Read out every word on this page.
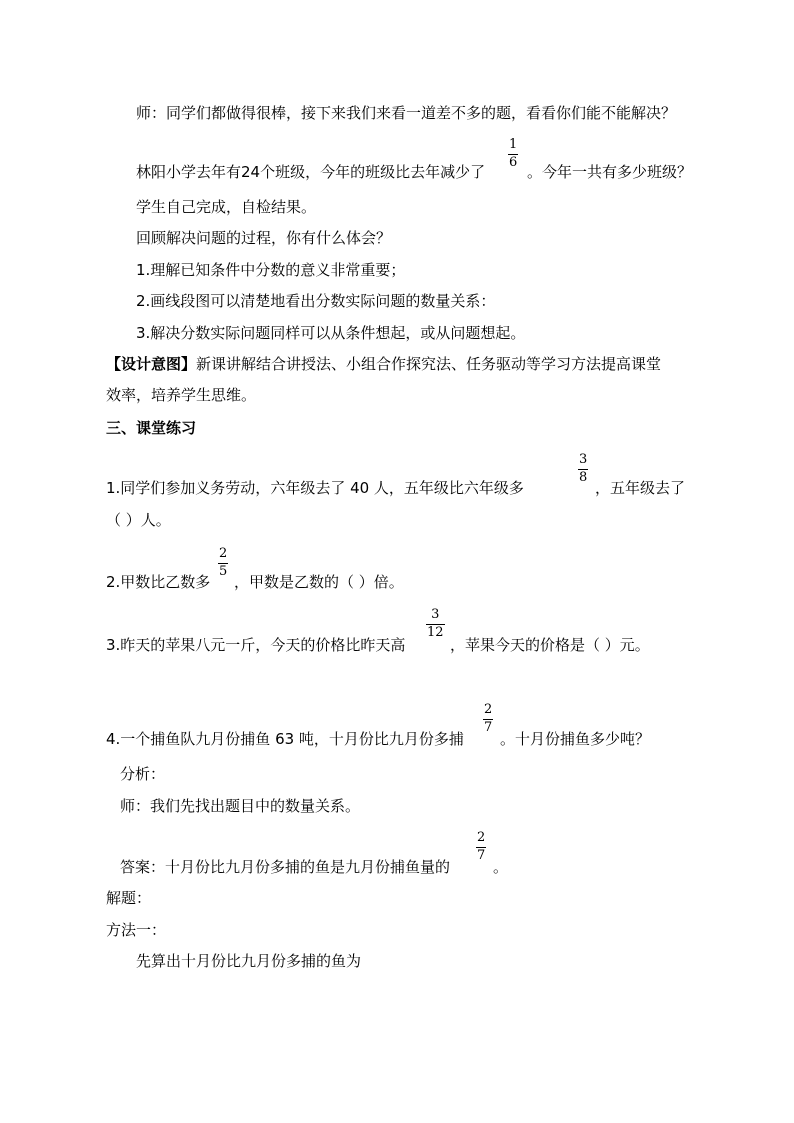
师：同学们都做得很棒，接下来我们来看一道差不多的题，看看你们能不能解决？
林阳小学去年有24个班级，今年的班级比去年减少了
1
6
。今年一共有多少班级？
学生自己完成，自检结果。
回顾解决问题的过程，你有什么体会？
1.理解已知条件中分数的意义非常重要；
2.画线段图可以清楚地看出分数实际问题的数量关系：
3.解决分数实际问题同样可以从条件想起，或从问题想起。
【设计意图】新课讲解结合讲授法、小组合作探究法、任务驱动等学习方法提高课堂
效率，培养学生思维。
三、课堂练习
1.同学们参加义务劳动，六年级去了 40 人，五年级比六年级多
3
8
，五年级去了
（ ）人。
2.甲数比乙数多
2
5
，甲数是乙数的（ ）倍。
3.昨天的苹果八元一斤，今天的价格比昨天高
3
12
，苹果今天的价格是（ ）元。
4.一个捕鱼队九月份捕鱼 63 吨，十月份比九月份多捕
2
7
。十月份捕鱼多少吨？
分析：
师：我们先找出题目中的数量关系。
答案：十月份比九月份多捕的鱼是九月份捕鱼量的
2
7
。
解题：
方法一：
先算出十月份比九月份多捕的鱼为
